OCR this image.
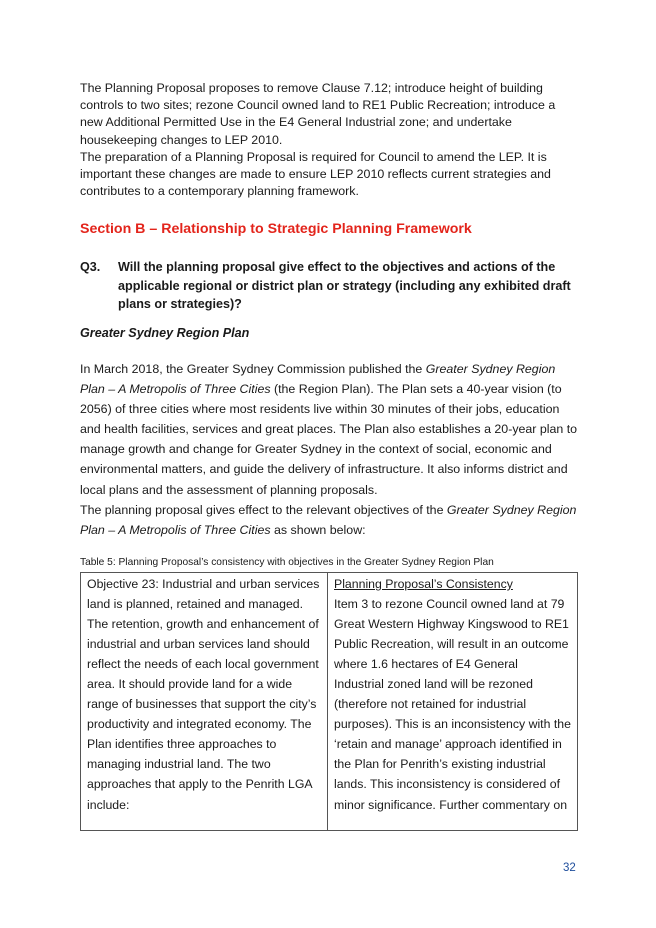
The Planning Proposal proposes to remove Clause 7.12; introduce height of building controls to two sites; rezone Council owned land to RE1 Public Recreation; introduce a new Additional Permitted Use in the E4 General Industrial zone; and undertake housekeeping changes to LEP 2010.

The preparation of a Planning Proposal is required for Council to amend the LEP. It is important these changes are made to ensure LEP 2010 reflects current strategies and contributes to a contemporary planning framework.

Section B – Relationship to Strategic Planning Framework
Q3. Will the planning proposal give effect to the objectives and actions of the applicable regional or district plan or strategy (including any exhibited draft plans or strategies)?
Greater Sydney Region Plan

In March 2018, the Greater Sydney Commission published the Greater Sydney Region Plan – A Metropolis of Three Cities (the Region Plan). The Plan sets a 40-year vision (to 2056) of three cities where most residents live within 30 minutes of their jobs, education and health facilities, services and great places. The Plan also establishes a 20-year plan to manage growth and change for Greater Sydney in the context of social, economic and environmental matters, and guide the delivery of infrastructure. It also informs district and local plans and the assessment of planning proposals.

The planning proposal gives effect to the relevant objectives of the Greater Sydney Region Plan – A Metropolis of Three Cities as shown below:

Table 5: Planning Proposal’s consistency with objectives in the Greater Sydney Region Plan
Objective 23: Industrial and urban services land is planned, retained and managed.
The retention, growth and enhancement of industrial and urban services land should reflect the needs of each local government area. It should provide land for a wide range of businesses that support the city’s productivity and integrated economy. The Plan identifies three approaches to managing industrial land. The two approaches that apply to the Penrith LGA include:
Planning Proposal’s Consistency
Item 3 to rezone Council owned land at 79 Great Western Highway Kingswood to RE1 Public Recreation, will result in an outcome where 1.6 hectares of E4 General Industrial zoned land will be rezoned (therefore not retained for industrial purposes). This is an inconsistency with the ‘retain and manage’ approach identified in the Plan for Penrith’s existing industrial lands. This inconsistency is considered of minor significance. Further commentary on
32
